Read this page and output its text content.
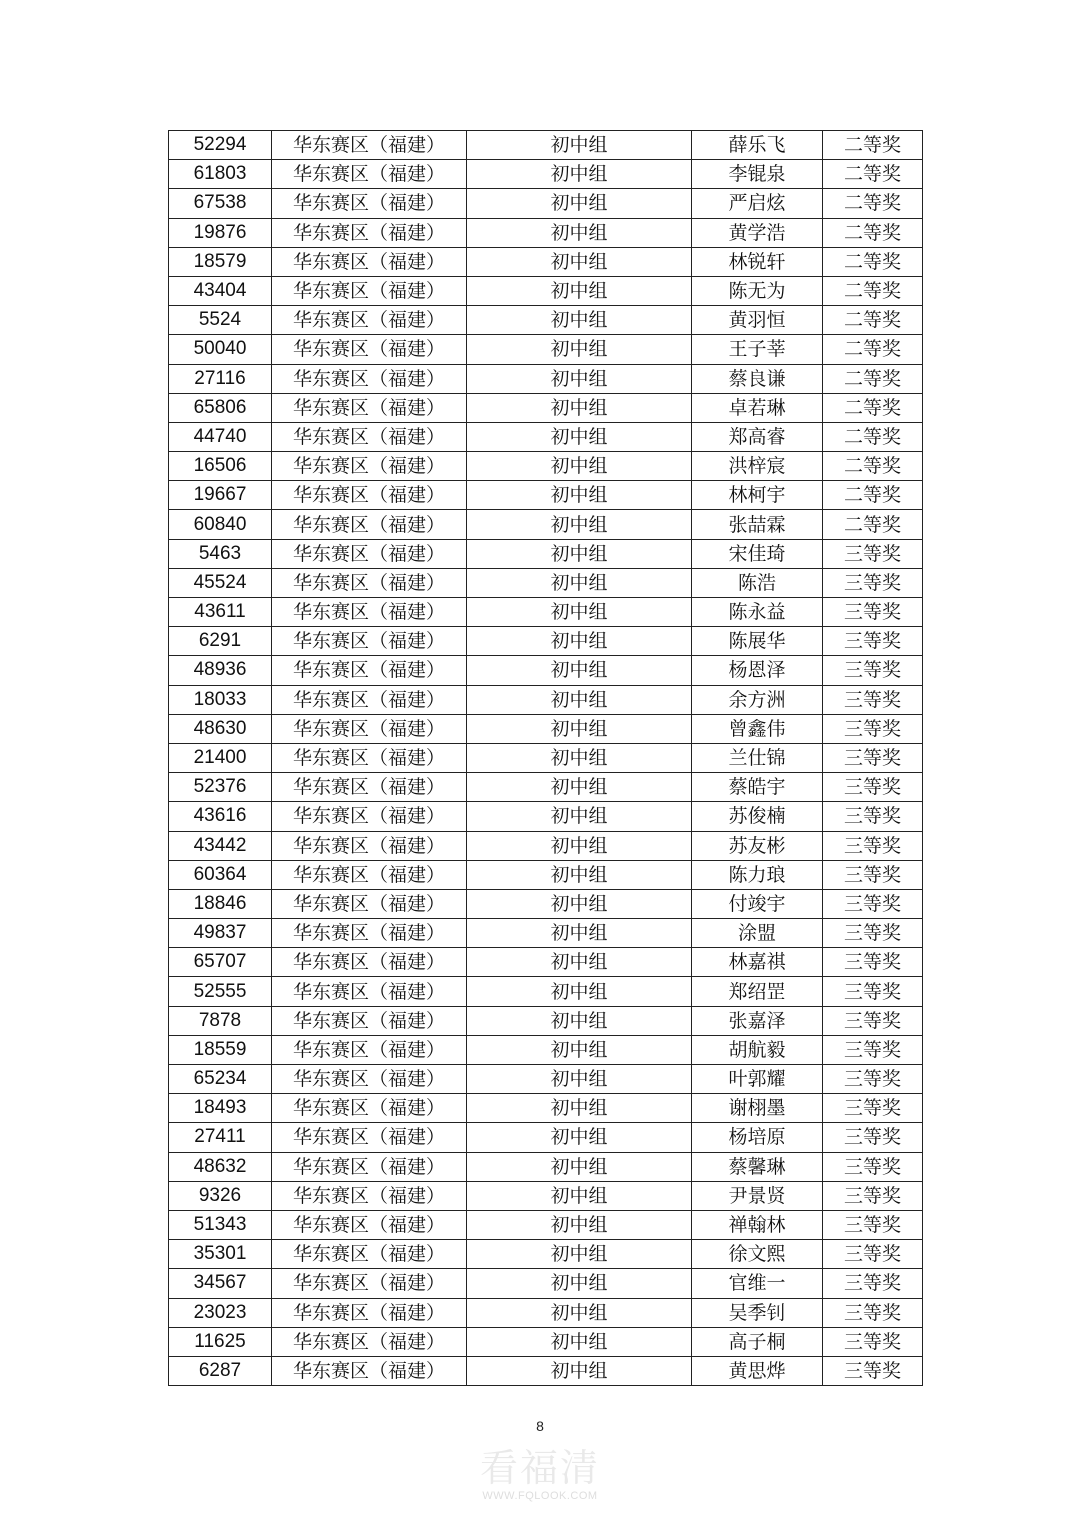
52294	华东赛区（福建）	初中组	薛乐飞	二等奖
61803	华东赛区（福建）	初中组	李锟泉	二等奖
67538	华东赛区（福建）	初中组	严启炫	二等奖
19876	华东赛区（福建）	初中组	黄学浩	二等奖
18579	华东赛区（福建）	初中组	林锐轩	二等奖
43404	华东赛区（福建）	初中组	陈无为	二等奖
5524	华东赛区（福建）	初中组	黄羽恒	二等奖
50040	华东赛区（福建）	初中组	王子莘	二等奖
27116	华东赛区（福建）	初中组	蔡良谦	二等奖
65806	华东赛区（福建）	初中组	卓若琳	二等奖
44740	华东赛区（福建）	初中组	郑高睿	二等奖
16506	华东赛区（福建）	初中组	洪梓宸	二等奖
19667	华东赛区（福建）	初中组	林柯宇	二等奖
60840	华东赛区（福建）	初中组	张喆霖	二等奖
5463	华东赛区（福建）	初中组	宋佳琦	三等奖
45524	华东赛区（福建）	初中组	陈浩	三等奖
43611	华东赛区（福建）	初中组	陈永益	三等奖
6291	华东赛区（福建）	初中组	陈展华	三等奖
48936	华东赛区（福建）	初中组	杨恩泽	三等奖
18033	华东赛区（福建）	初中组	余方洲	三等奖
48630	华东赛区（福建）	初中组	曾鑫伟	三等奖
21400	华东赛区（福建）	初中组	兰仕锦	三等奖
52376	华东赛区（福建）	初中组	蔡皓宇	三等奖
43616	华东赛区（福建）	初中组	苏俊楠	三等奖
43442	华东赛区（福建）	初中组	苏友彬	三等奖
60364	华东赛区（福建）	初中组	陈力琅	三等奖
18846	华东赛区（福建）	初中组	付竣宇	三等奖
49837	华东赛区（福建）	初中组	涂盟	三等奖
65707	华东赛区（福建）	初中组	林嘉祺	三等奖
52555	华东赛区（福建）	初中组	郑绍罡	三等奖
7878	华东赛区（福建）	初中组	张嘉泽	三等奖
18559	华东赛区（福建）	初中组	胡航毅	三等奖
65234	华东赛区（福建）	初中组	叶郭耀	三等奖
18493	华东赛区（福建）	初中组	谢栩墨	三等奖
27411	华东赛区（福建）	初中组	杨培原	三等奖
48632	华东赛区（福建）	初中组	蔡馨琳	三等奖
9326	华东赛区（福建）	初中组	尹景贤	三等奖
51343	华东赛区（福建）	初中组	禅翰林	三等奖
35301	华东赛区（福建）	初中组	徐文熙	三等奖
34567	华东赛区（福建）	初中组	官维一	三等奖
23023	华东赛区（福建）	初中组	吴季钊	三等奖
11625	华东赛区（福建）	初中组	高子桐	三等奖
6287	华东赛区（福建）	初中组	黄思烨	三等奖
8
看福清
WWW.FQLOOK.COM
